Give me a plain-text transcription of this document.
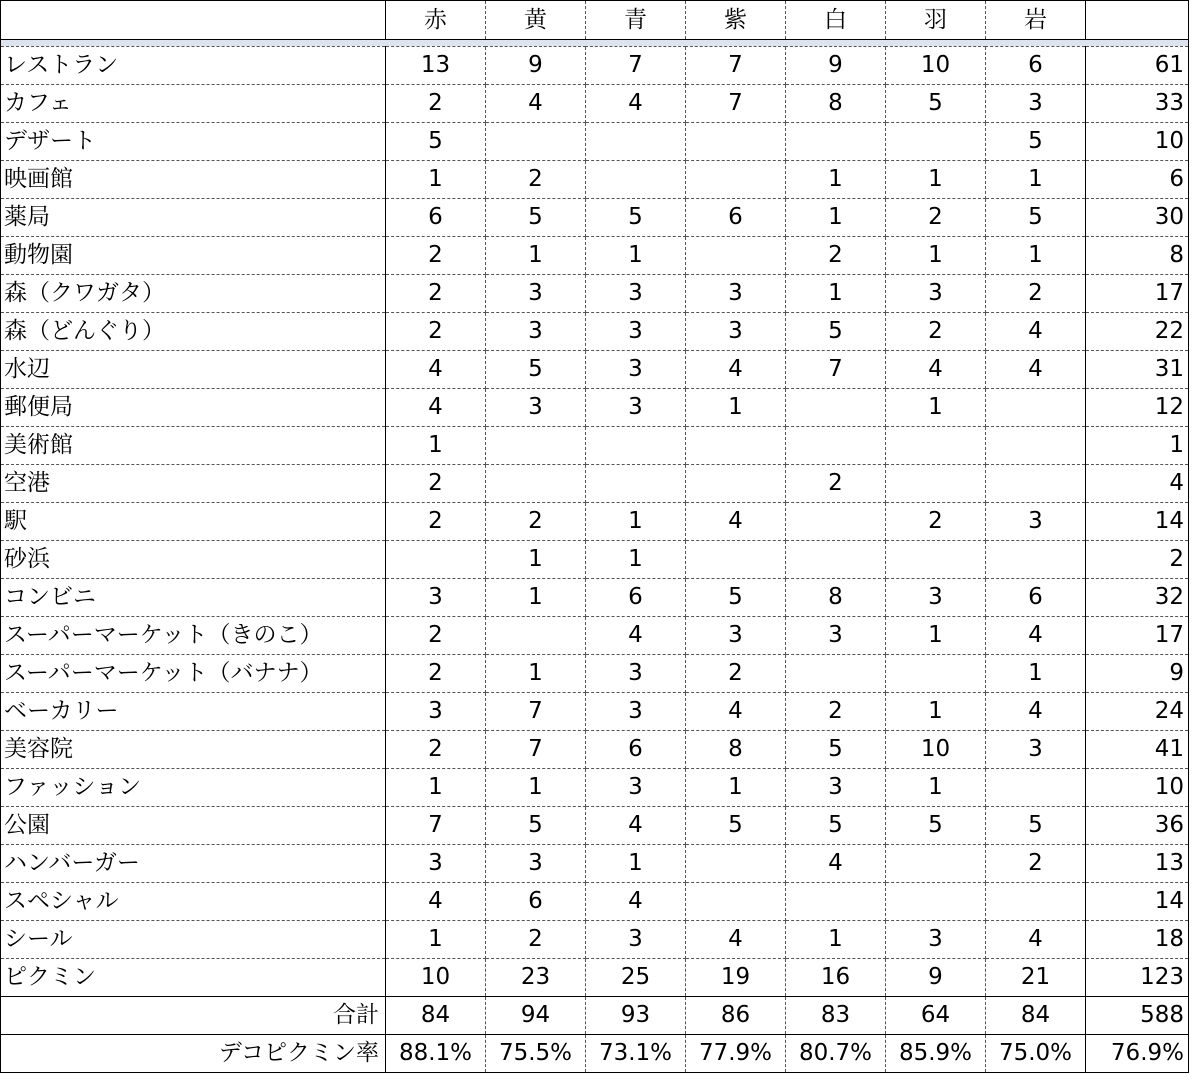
	赤	黄	青	紫	白	羽	岩	

レストラン	13	9	7	7	9	10	6	61
カフェ	2	4	4	7	8	5	3	33
デザート	5						5	10
映画館	1	2			1	1	1	6
薬局	6	5	5	6	1	2	5	30
動物園	2	1	1		2	1	1	8
森（クワガタ）	2	3	3	3	1	3	2	17
森（どんぐり）	2	3	3	3	5	2	4	22
水辺	4	5	3	4	7	4	4	31
郵便局	4	3	3	1		1		12
美術館	1							1
空港	2				2			4
駅	2	2	1	4		2	3	14
砂浜		1	1					2
コンビニ	3	1	6	5	8	3	6	32
スーパーマーケット（きのこ）	2		4	3	3	1	4	17
スーパーマーケット（バナナ）	2	1	3	2			1	9
ベーカリー	3	7	3	4	2	1	4	24
美容院	2	7	6	8	5	10	3	41
ファッション	1	1	3	1	3	1		10
公園	7	5	4	5	5	5	5	36
ハンバーガー	3	3	1		4		2	13
スペシャル	4	6	4					14
シール	1	2	3	4	1	3	4	18
ピクミン	10	23	25	19	16	9	21	123
合計	84	94	93	86	83	64	84	588
デコピクミン率	88.1%	75.5%	73.1%	77.9%	80.7%	85.9%	75.0%	76.9%
